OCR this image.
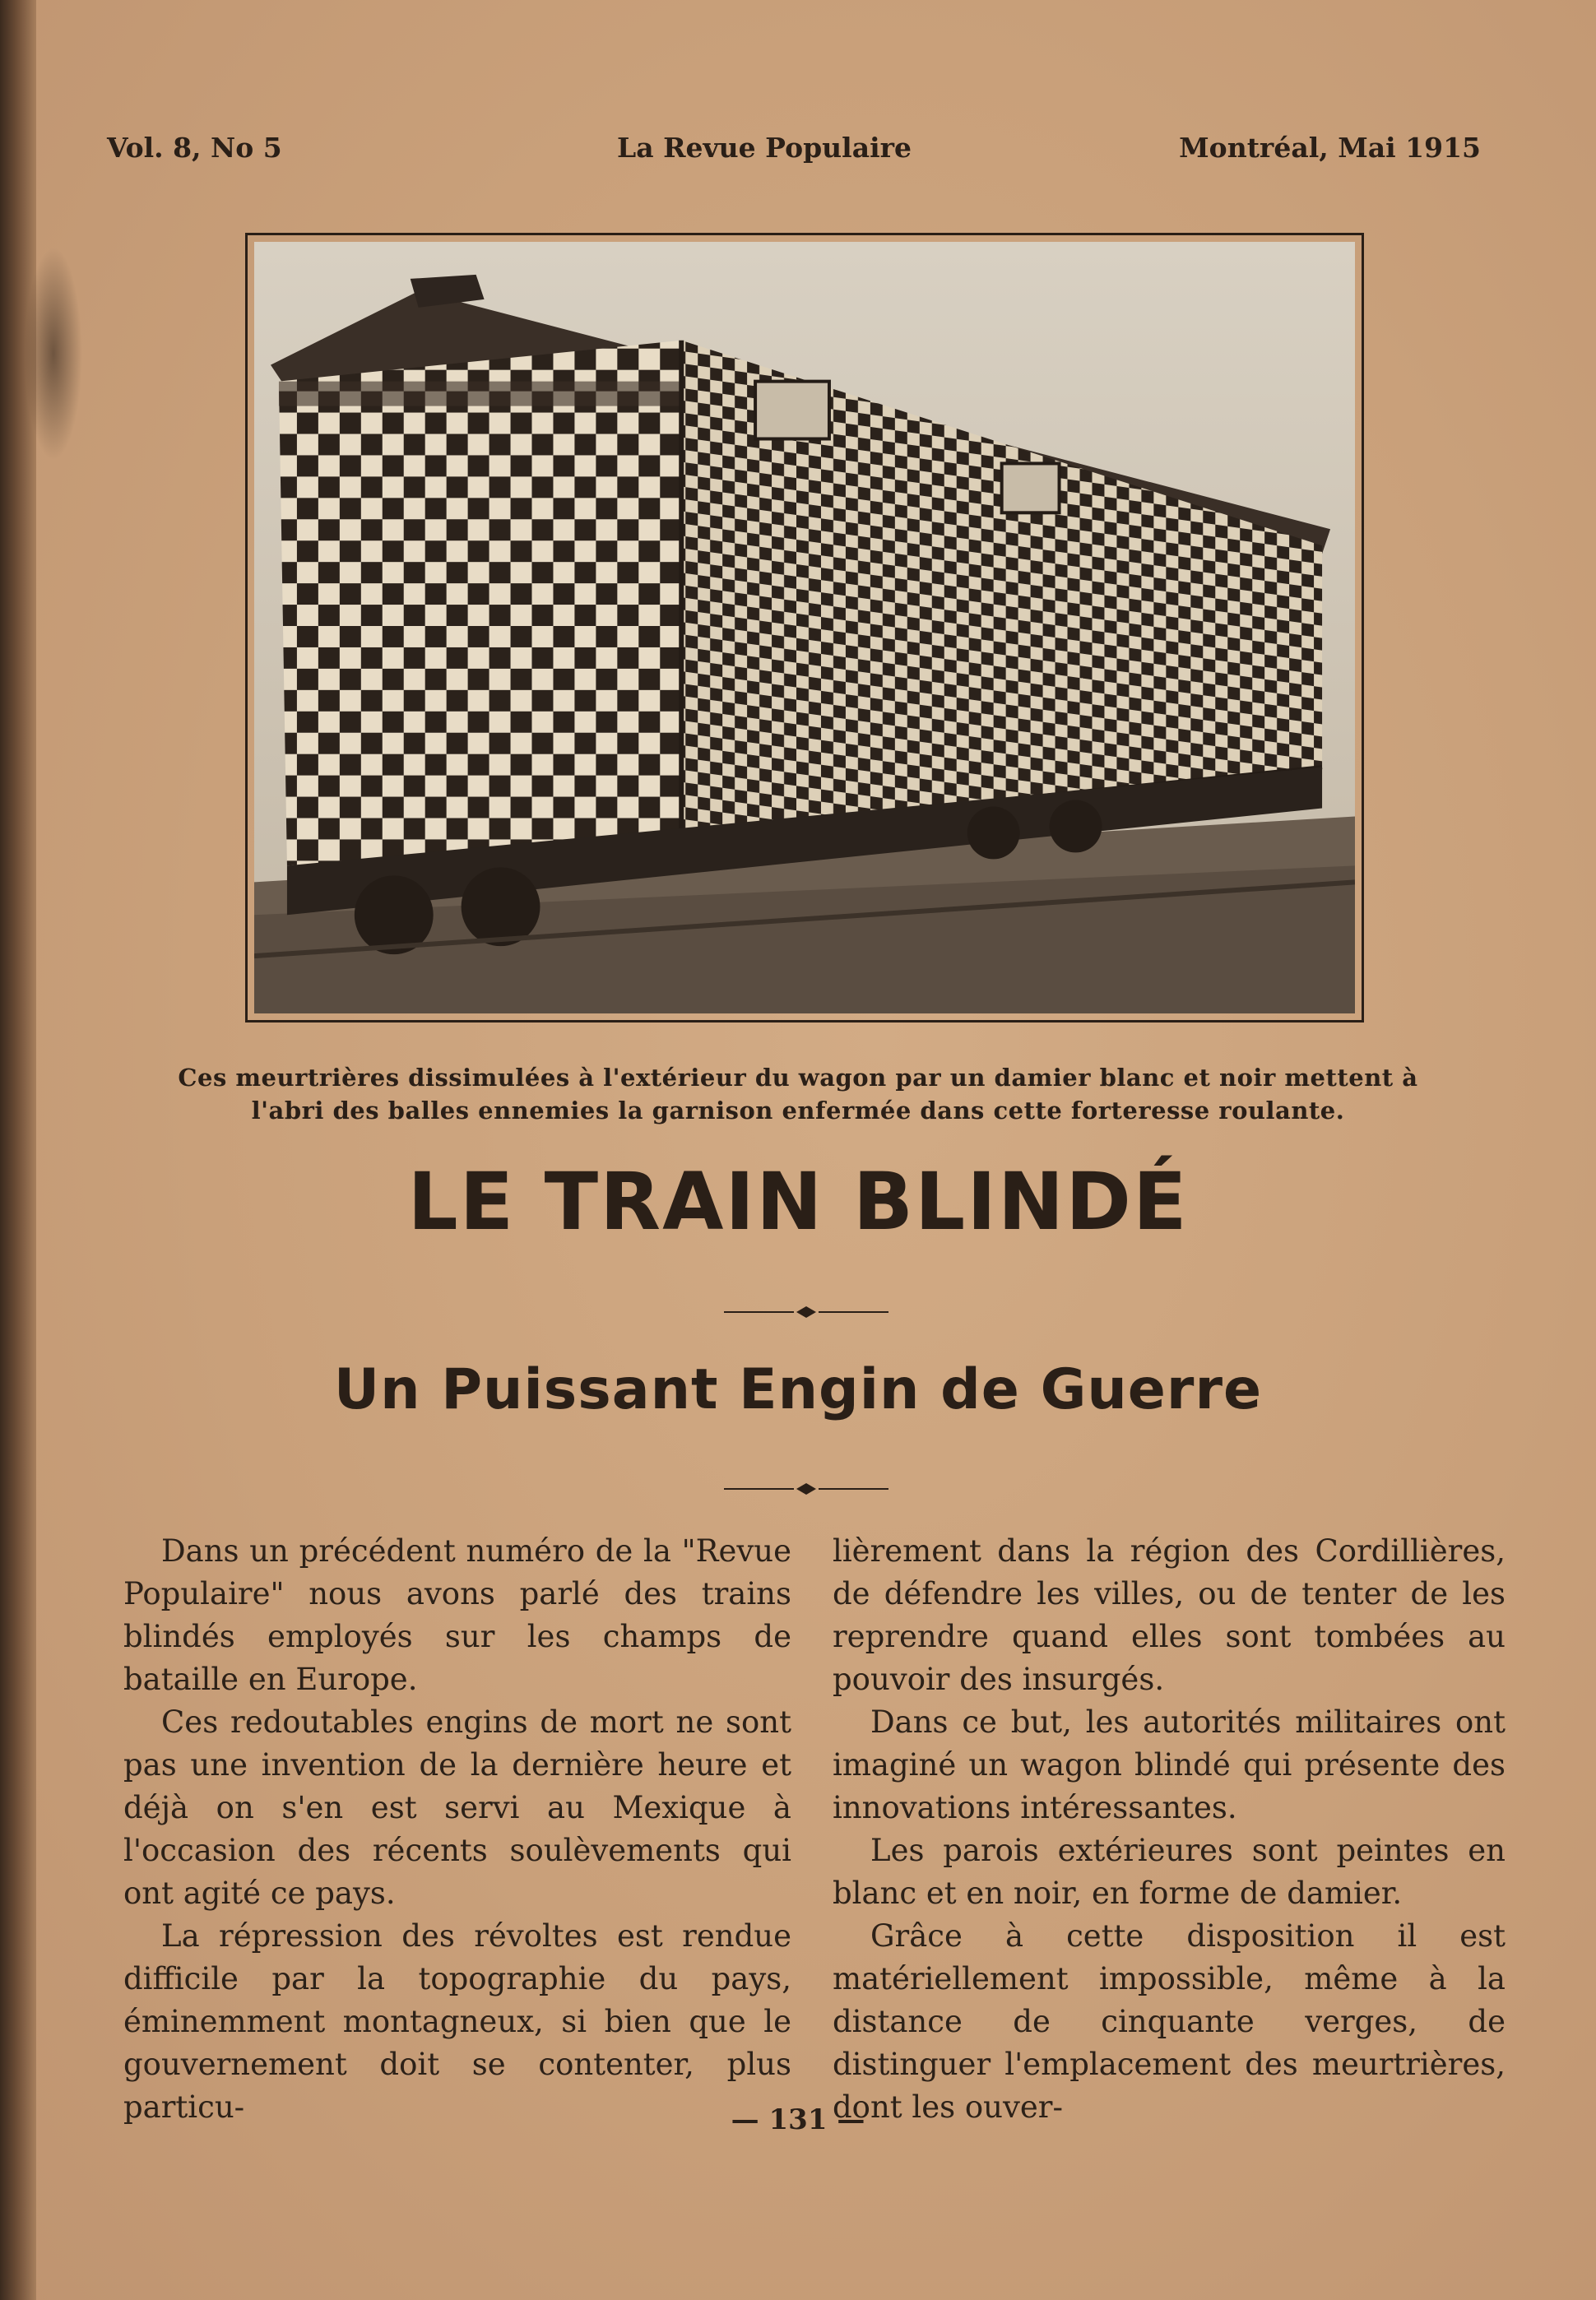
Vol. 8, No 5	La Revue Populaire	Montréal, Mai 1915
Ces meurtrières dissimulées à l'extérieur du wagon par un damier blanc et noir mettent à
l'abri des balles ennemies la garnison enfermée dans cette forteresse roulante.
LE TRAIN BLINDÉ
Un Puissant Engin de Guerre

Dans un précédent numéro de la "Revue Populaire" nous avons parlé des trains blindés employés sur les champs de bataille en Europe.

Ces redoutables engins de mort ne sont pas une invention de la dernière heure et déjà on s'en est servi au Mexique à l'occasion des récents soulèvements qui ont agité ce pays.

La répression des révoltes est rendue difficile par la topographie du pays, éminemment montagneux, si bien que le gouvernement doit se contenter, plus particu-

lièrement dans la région des Cordillières, de défendre les villes, ou de tenter de les reprendre quand elles sont tombées au pouvoir des insurgés.

Dans ce but, les autorités militaires ont imaginé un wagon blindé qui présente des innovations intéressantes.

Les parois extérieures sont peintes en blanc et en noir, en forme de damier.

Grâce à cette disposition il est matériellement impossible, même à la distance de cinquante verges, de distinguer l'emplacement des meurtrières, dont les ouver-

— 131 —
